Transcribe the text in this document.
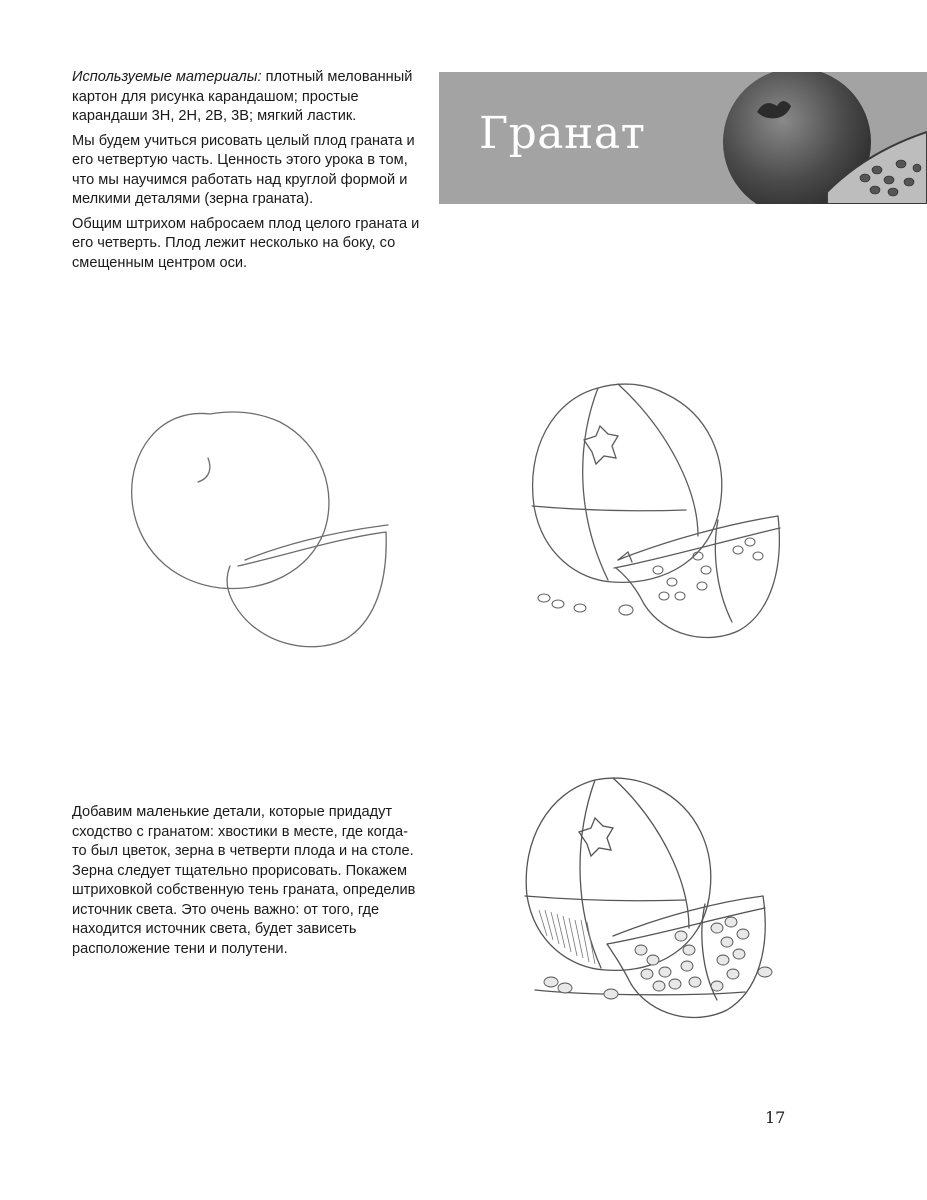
Используемые материалы: плотный мелованный картон для рисунка карандашом; простые карандаши 3Н, 2Н, 2В, 3В; мягкий ластик.

Мы будем учиться рисовать целый плод граната и его четвертую часть. Ценность этого урока в том, что мы научимся работать над круглой формой и мелкими деталями (зерна граната).

Общим штрихом набросаем плод целого граната и его четверть. Плод лежит несколько на боку, со смещенным центром оси.

Гранат

Добавим маленькие детали, которые придадут сходство с гранатом: хвостики в месте, где когда-то был цветок, зерна в четверти плода и на столе. Зерна следует тщательно прорисовать. Покажем штриховкой собственную тень граната, определив источник света. Это очень важно: от того, где находится источник света, будет зависеть расположение тени и полутени.

17
